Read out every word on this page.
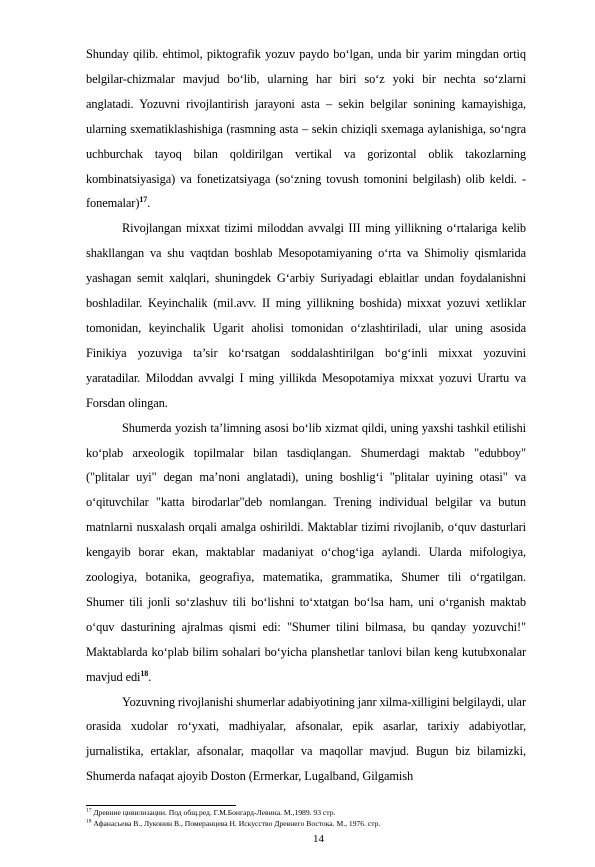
Shunday qilib. ehtimol, piktografik yozuv paydo bo‘lgan, unda bir yarim mingdan ortiq belgilar-chizmalar mavjud bo‘lib, ularning har biri so‘z yoki bir nechta so‘zlarni anglatadi. Yozuvni rivojlantirish jarayoni asta – sekin belgilar sonining kamayishiga, ularning sxematiklashishiga (rasmning asta – sekin chiziqli sxemaga aylanishiga, so‘ngra uchburchak tayoq bilan qoldirilgan vertikal va gorizontal oblik takozlarning kombinatsiyasiga) va fonetizatsiyaga (so‘zning tovush tomonini belgilash) olib keldi. - fonemalar)$^{17}$.

Rivojlangan mixxat tizimi miloddan avvalgi III ming yillikning o‘rtalariga kelib shakllangan va shu vaqtdan boshlab Mesopotamiyaning o‘rta va Shimoliy qismlarida yashagan semit xalqlari, shuningdek G‘arbiy Suriyadagi eblaitlar undan foydalanishni boshladilar. Keyinchalik (mil.avv. II ming yillikning boshida) mixxat yozuvi xetliklar tomonidan, keyinchalik Ugarit aholisi tomonidan o‘zlashtiriladi, ular uning asosida Finikiya yozuviga ta’sir ko‘rsatgan soddalashtirilgan bo‘g‘inli mixxat yozuvini yaratadilar. Miloddan avvalgi I ming yillikda Mesopotamiya mixxat yozuvi Urartu va Forsdan olingan.

Shumerda yozish ta’limning asosi bo‘lib xizmat qildi, uning yaxshi tashkil etilishi ko‘plab arxeologik topilmalar bilan tasdiqlangan. Shumerdagi maktab "edubboy" ("plitalar uyi" degan ma’noni anglatadi), uning boshlig‘i "plitalar uyining otasi" va o‘qituvchilar "katta birodarlar"deb nomlangan. Trening individual belgilar va butun matnlarni nusxalash orqali amalga oshirildi. Maktablar tizimi rivojlanib, o‘quv dasturlari kengayib borar ekan, maktablar madaniyat o‘chog‘iga aylandi. Ularda mifologiya, zoologiya, botanika, geografiya, matematika, grammatika, Shumer tili o‘rgatilgan. Shumer tili jonli so‘zlashuv tili bo‘lishni to‘xtatgan bo‘lsa ham, uni o‘rganish maktab o‘quv dasturining ajralmas qismi edi: "Shumer tilini bilmasa, bu qanday yozuvchi!" Maktablarda ko‘plab bilim sohalari bo‘yicha planshetlar tanlovi bilan keng kutubxonalar mavjud edi$^{18}$.

Yozuvning rivojlanishi shumerlar adabiyotining janr xilma-xilligini belgilaydi, ular orasida xudolar ro‘yxati, madhiyalar, afsonalar, epik asarlar, tarixiy adabiyotlar, jurnalistika, ertaklar, afsonalar, maqollar va maqollar mavjud. Bugun biz bilamizki, Shumerda nafaqat ajoyib Doston (Ermerkar, Lugalband, Gilgamish

$^{17}$ Древние цивилизации. Под общ.ред. Г.М.Бонгард-Левина. М.,1989. 93 стр.

$^{18}$ Афанасьева В., Луконин В., Померанцева Н. Искусство Древнего Востока. М., 1976. стр.

14
